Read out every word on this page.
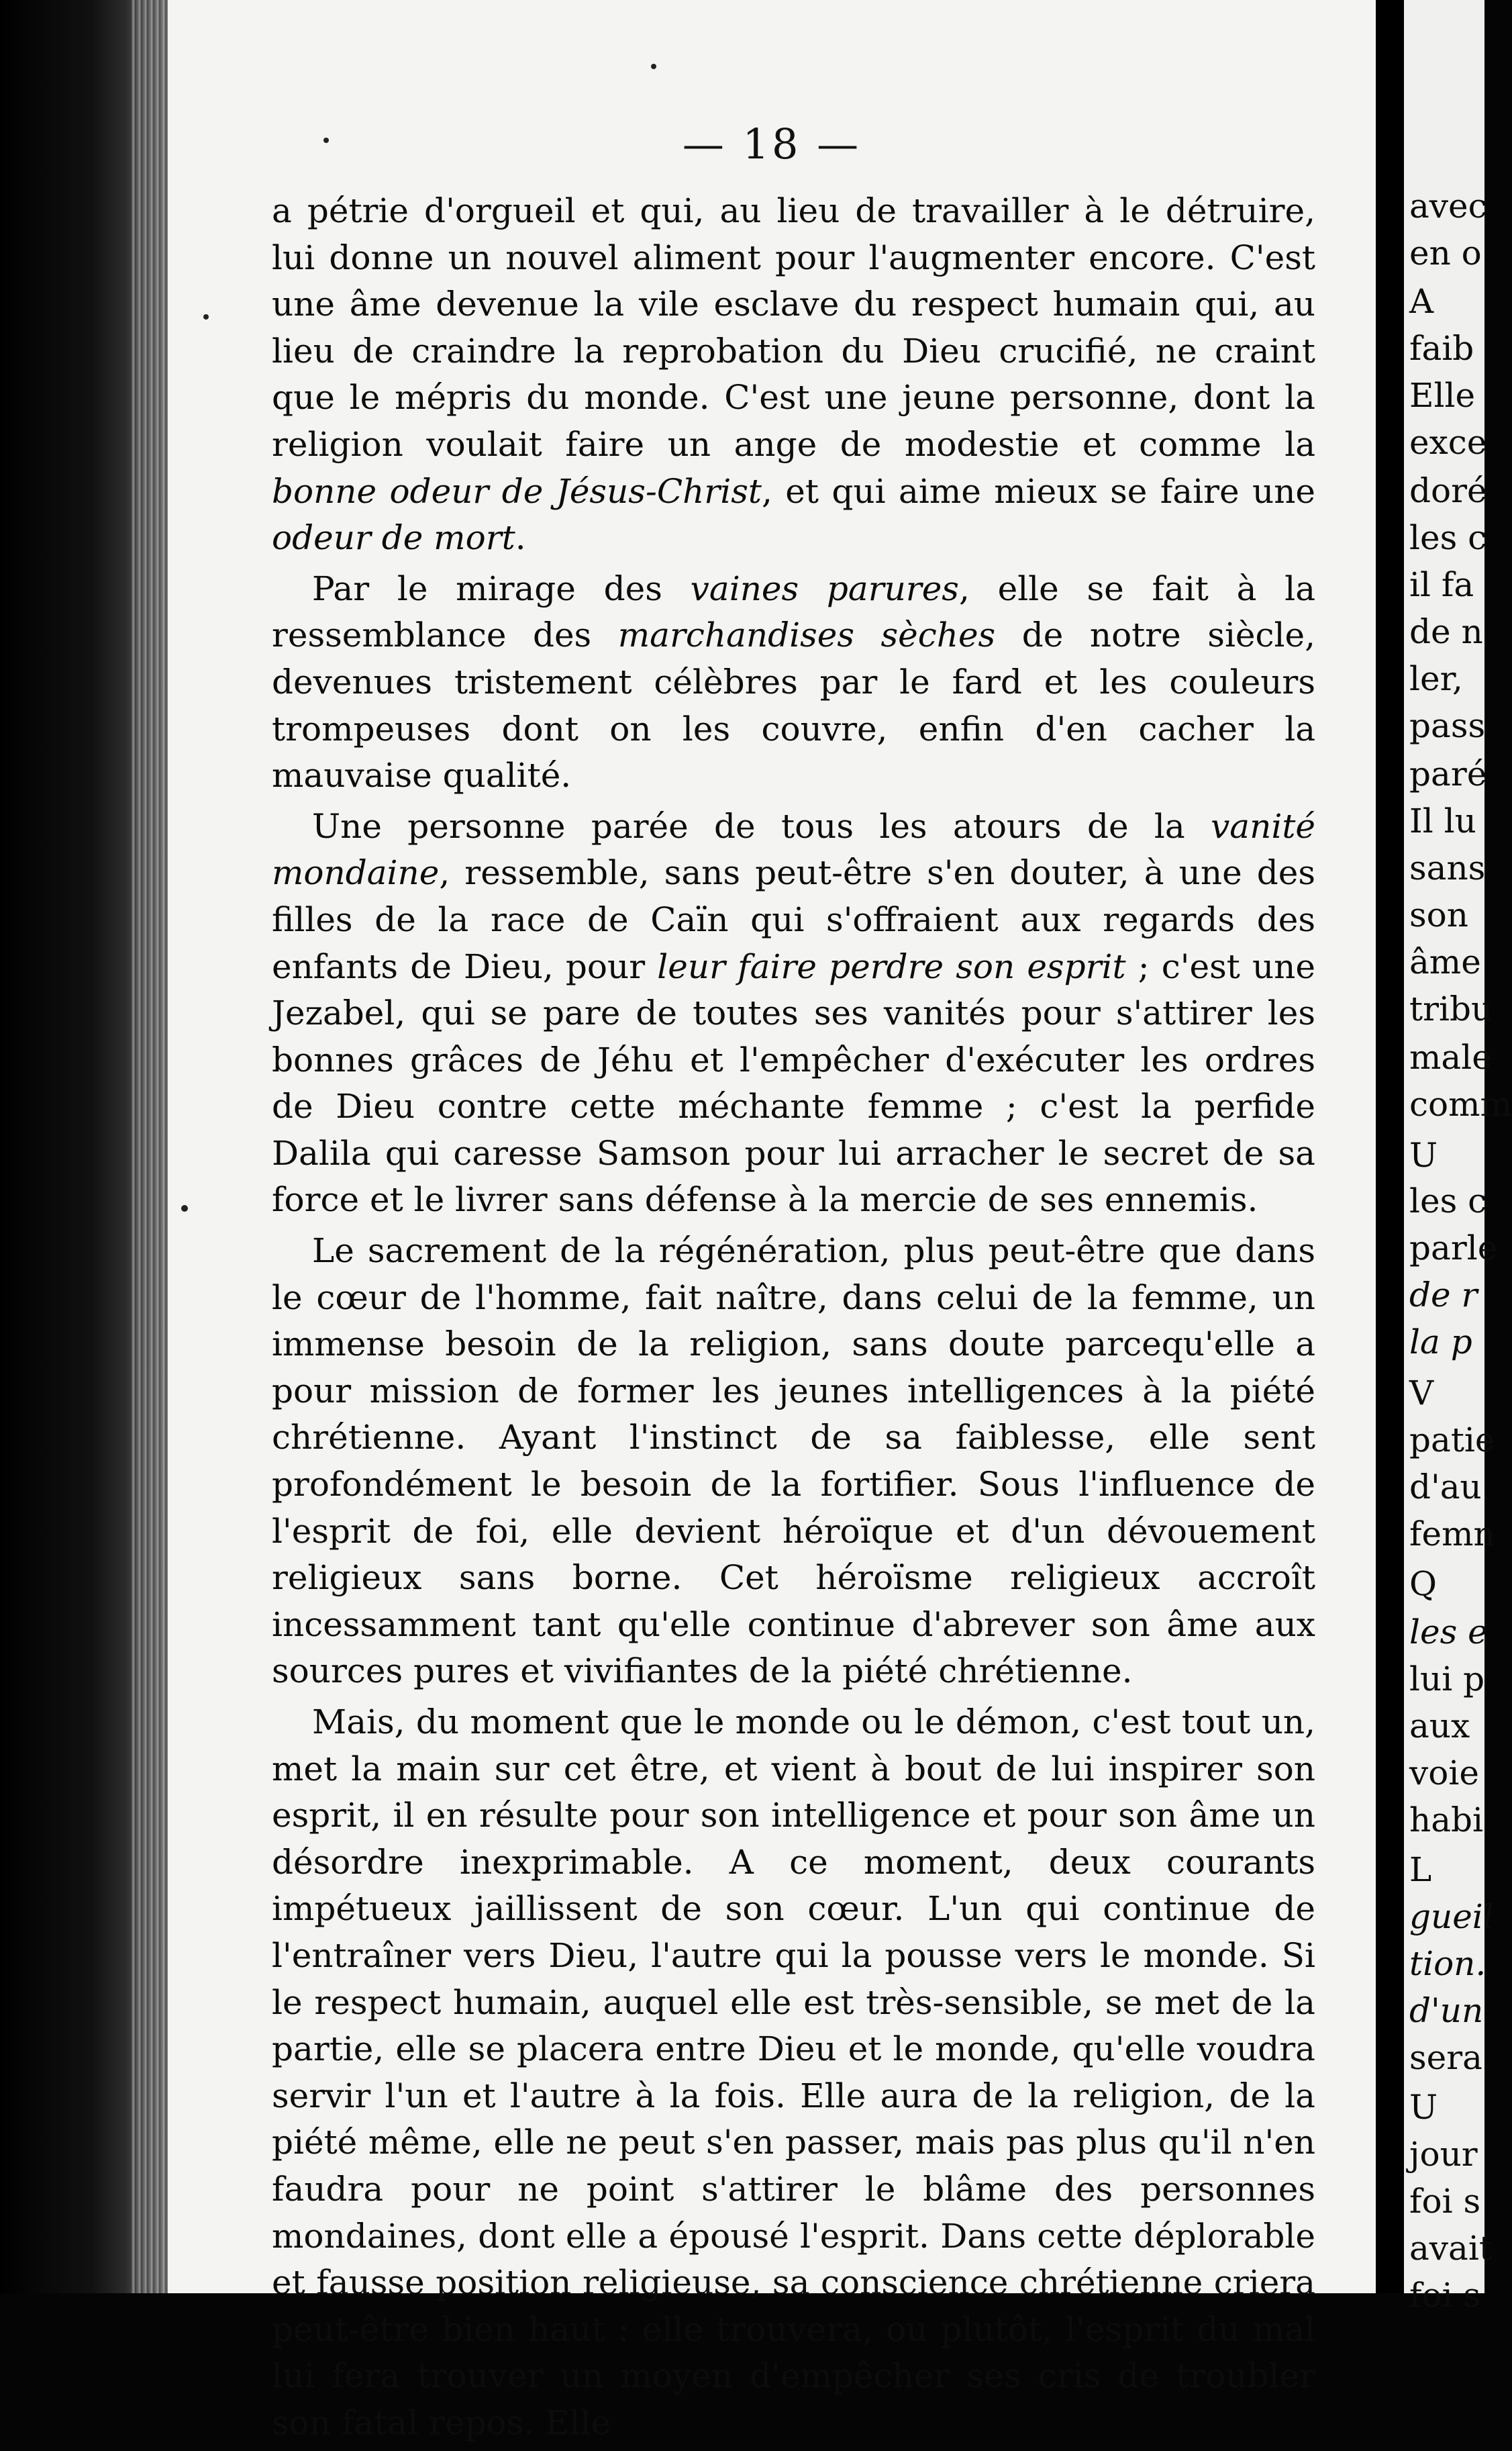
— 18 —

a pétrie d'orgueil et qui, au lieu de travailler à le détruire, lui donne un nouvel aliment pour l'augmenter encore. C'est une âme devenue la vile esclave du respect humain qui, au lieu de craindre la reprobation du Dieu crucifié, ne craint que le mépris du monde. C'est une jeune personne, dont la religion voulait faire un ange de modestie et comme la bonne odeur de Jésus-Christ, et qui aime mieux se faire une odeur de mort.

Par le mirage des vaines parures, elle se fait à la ressemblance des marchandises sèches de notre siècle, devenues tristement célèbres par le fard et les couleurs trompeuses dont on les couvre, enfin d'en cacher la mauvaise qualité.

Une personne parée de tous les atours de la vanité mondaine, ressemble, sans peut-être s'en douter, à une des filles de la race de Caïn qui s'offraient aux regards des enfants de Dieu, pour leur faire perdre son esprit ; c'est une Jezabel, qui se pare de toutes ses vanités pour s'attirer les bonnes grâces de Jéhu et l'empêcher d'exécuter les ordres de Dieu contre cette méchante femme ; c'est la perfide Dalila qui caresse Samson pour lui arracher le secret de sa force et le livrer sans défense à la mercie de ses ennemis.

Le sacrement de la régénération, plus peut-être que dans le cœur de l'homme, fait naître, dans celui de la femme, un immense besoin de la religion, sans doute parcequ'elle a pour mission de former les jeunes intelligences à la piété chrétienne. Ayant l'instinct de sa faiblesse, elle sent profondément le besoin de la fortifier. Sous l'influence de l'esprit de foi, elle devient héroïque et d'un dévouement religieux sans borne. Cet héroïsme religieux accroît incessamment tant qu'elle continue d'abrever son âme aux sources pures et vivifiantes de la piété chrétienne.

Mais, du moment que le monde ou le démon, c'est tout un, met la main sur cet être, et vient à bout de lui inspirer son esprit, il en résulte pour son intelligence et pour son âme un désordre inexprimable. A ce moment, deux courants impétueux jaillissent de son cœur. L'un qui continue de l'entraîner vers Dieu, l'autre qui la pousse vers le monde. Si le respect humain, auquel elle est très-sensible, se met de la partie, elle se placera entre Dieu et le monde, qu'elle voudra servir l'un et l'autre à la fois. Elle aura de la religion, de la piété même, elle ne peut s'en passer, mais pas plus qu'il n'en faudra pour ne point s'attirer le blâme des personnes mondaines, dont elle a épousé l'esprit. Dans cette déplorable et fausse position religieuse, sa conscience chrétienne criera peut-être bien haut : elle trouvera, ou plutôt, l'esprit du mal lui fera trouver un moyen d'empêcher ses cris de troubler son fatal repos. Elle

avec
en o
A
faib
Elle
exce
doré
les c
il fa
de n
ler,
pass
paré
Il lu
sans
son
âme
tribu
male
comm
U
les c
parle
de r
la p
V
patie
d'au
femn
Q
les e
lui p
aux
voie
habi
L
gueil
tion.
d'un
sera
U
jour
foi s
avait
foi s
